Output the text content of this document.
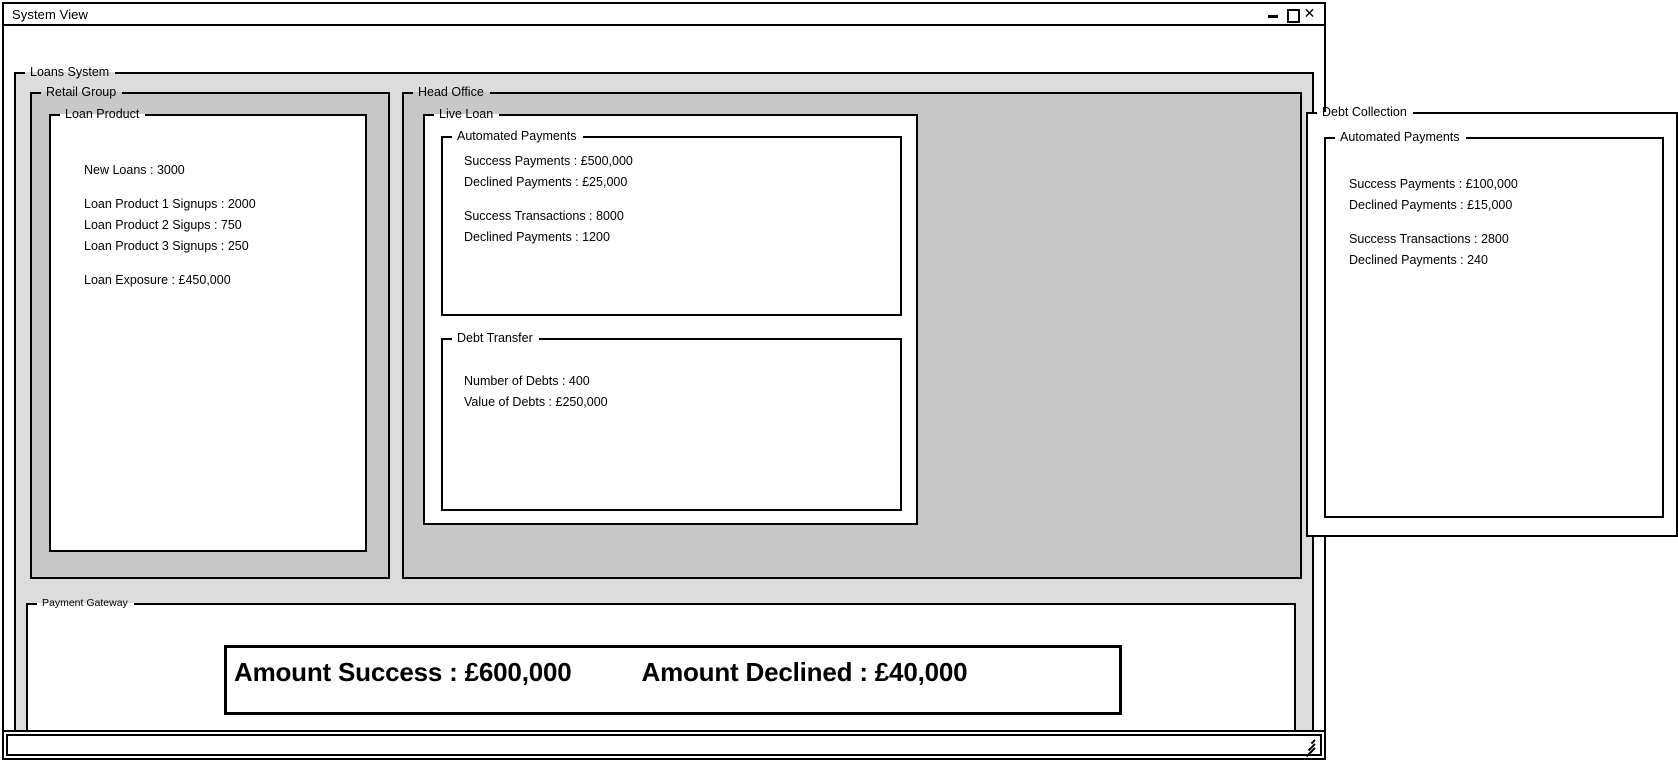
System View	✕
Loans System
Retail Group
Loan Product
New Loans : 3000
Loan Product 1 Signups : 2000
Loan Product 2 Sigups : 750
Loan Product 3 Signups : 250
Loan Exposure : £450,000
Head Office
Live Loan
Automated Payments
Success Payments : £500,000
Declined Payments : £25,000
Success Transactions : 8000
Declined Payments : 1200
Debt Transfer
Number of Debts : 400
Value of Debts : £250,000
Debt Collection
Automated Payments
Success Payments : £100,000
Declined Payments : £15,000
Success Transactions : 2800
Declined Payments : 240
Payment Gateway
Amount Success : £600,000	Amount Declined : £40,000
